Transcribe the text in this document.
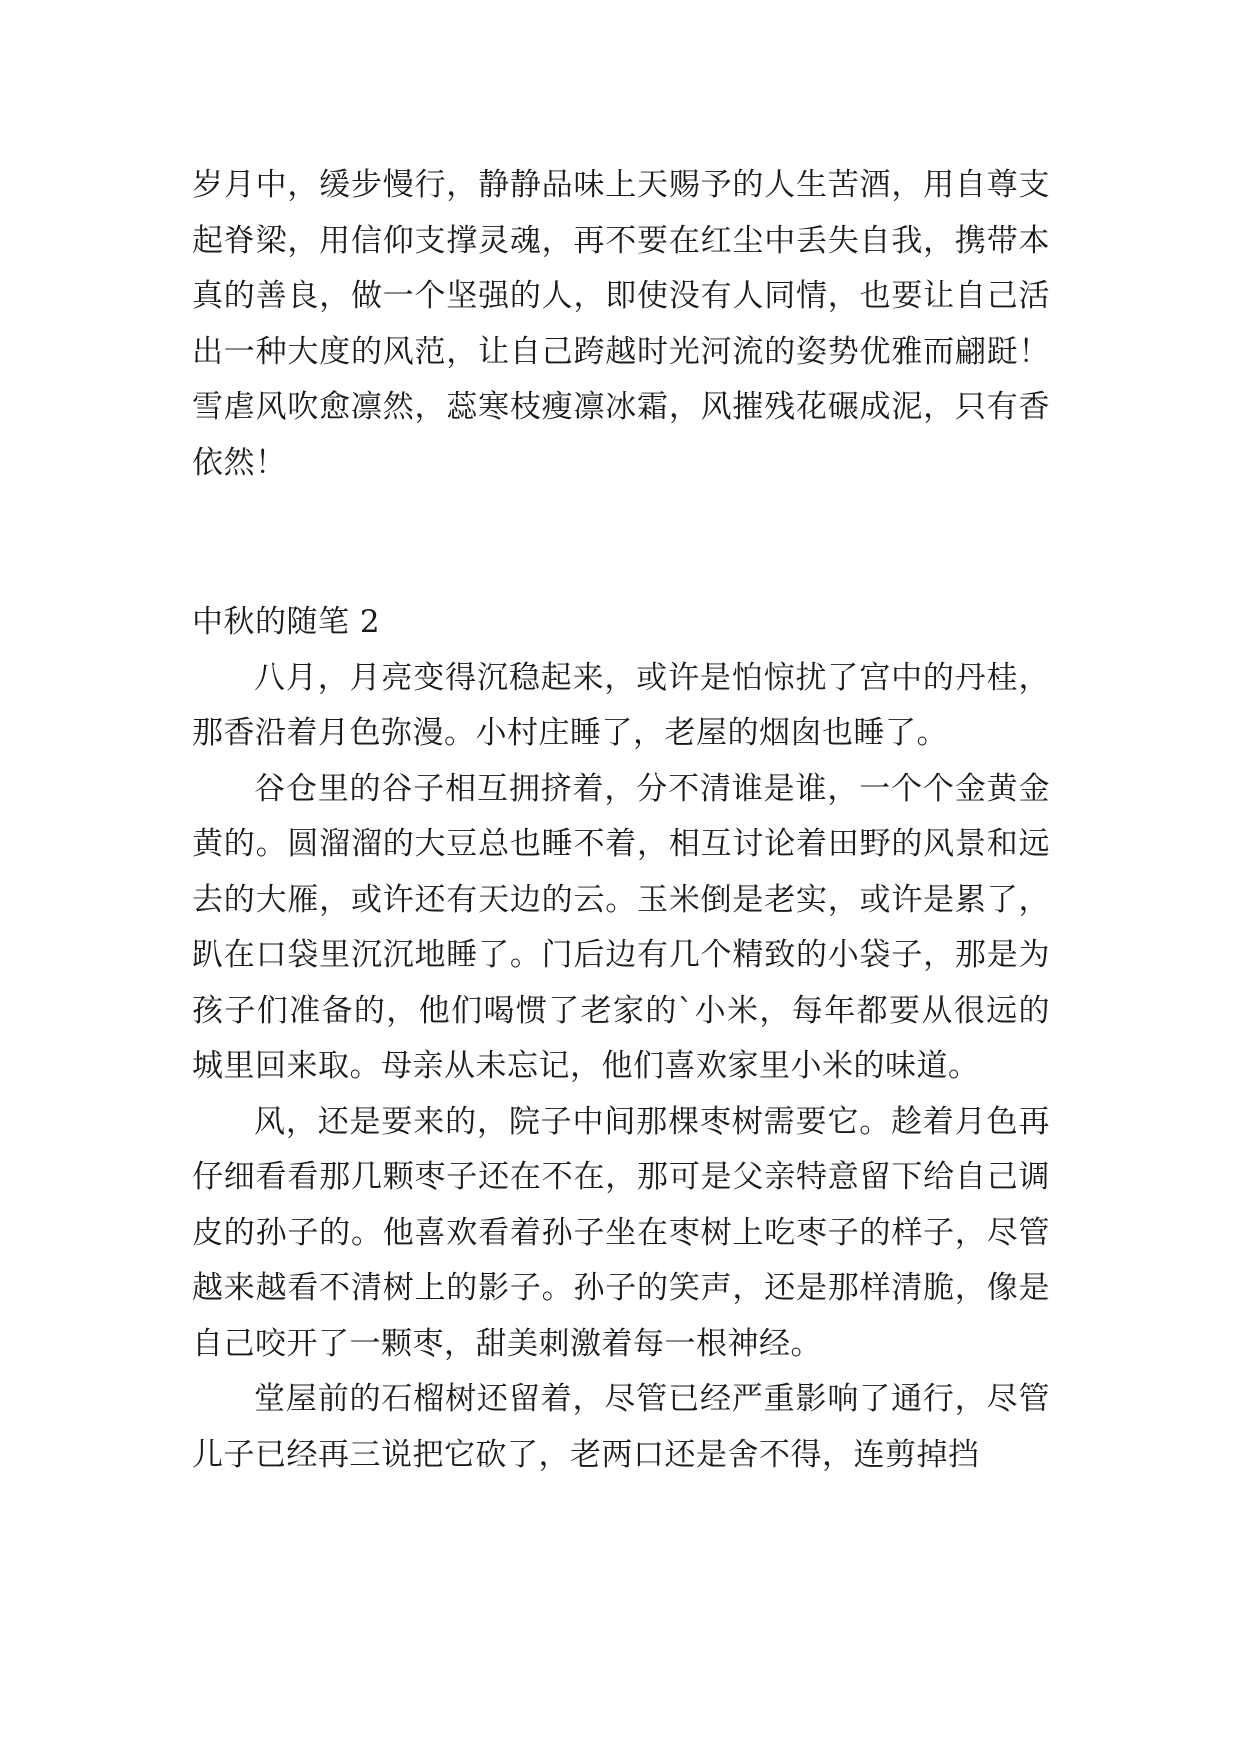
岁月中，缓步慢行，静静品味上天赐予的人生苦酒，用自尊支起脊梁，用信仰支撑灵魂，再不要在红尘中丢失自我，携带本真的善良，做一个坚强的人，即使没有人同情，也要让自己活出一种大度的风范，让自己跨越时光河流的姿势优雅而翩跹！雪虐风吹愈凛然，蕊寒枝瘦凛冰霜，风摧残花碾成泥，只有香依然！

中秋的随笔 2

八月，月亮变得沉稳起来，或许是怕惊扰了宫中的丹桂，那香沿着月色弥漫。小村庄睡了，老屋的烟囱也睡了。

谷仓里的谷子相互拥挤着，分不清谁是谁，一个个金黄金黄的。圆溜溜的大豆总也睡不着，相互讨论着田野的风景和远去的大雁，或许还有天边的云。玉米倒是老实，或许是累了，趴在口袋里沉沉地睡了。门后边有几个精致的小袋子，那是为孩子们准备的，他们喝惯了老家的`小米，每年都要从很远的城里回来取。母亲从未忘记，他们喜欢家里小米的味道。

风，还是要来的，院子中间那棵枣树需要它。趁着月色再仔细看看那几颗枣子还在不在，那可是父亲特意留下给自己调皮的孙子的。他喜欢看着孙子坐在枣树上吃枣子的样子，尽管越来越看不清树上的影子。孙子的笑声，还是那样清脆，像是自己咬开了一颗枣，甜美刺激着每一根神经。

堂屋前的石榴树还留着，尽管已经严重影响了通行，尽管儿子已经再三说把它砍了，老两口还是舍不得，连剪掉挡
